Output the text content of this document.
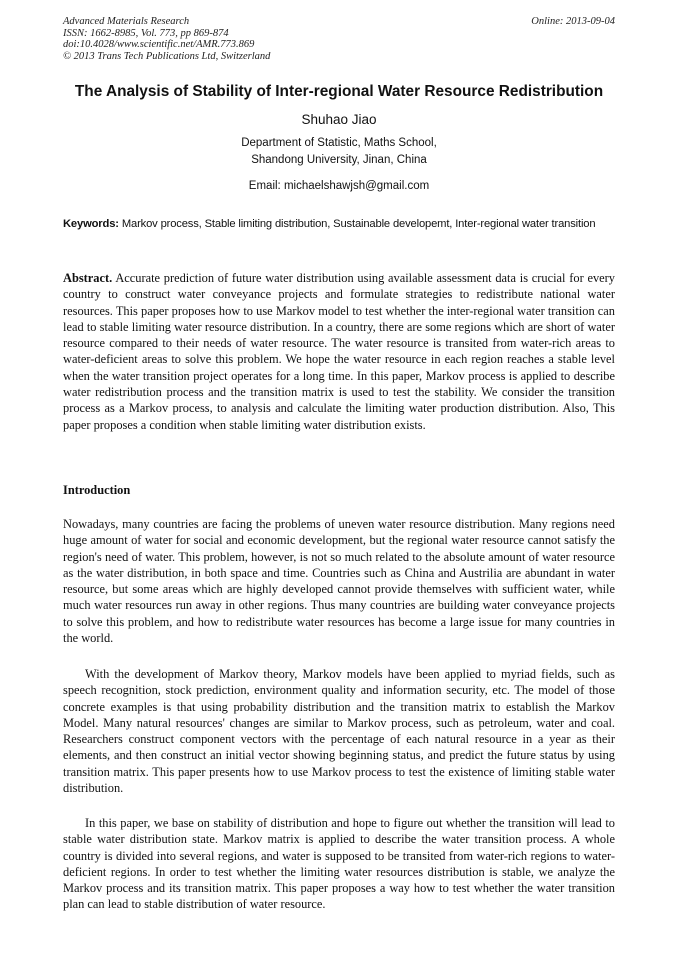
Advanced Materials Research
ISSN: 1662-8985, Vol. 773, pp 869-874
doi:10.4028/www.scientific.net/AMR.773.869
© 2013 Trans Tech Publications Ltd, Switzerland
Online: 2013-09-04
The Analysis of Stability of Inter-regional Water Resource Redistribution
Shuhao Jiao
Department of Statistic, Maths School,
Shandong University, Jinan, China
Email: michaelshawjsh@gmail.com
Keywords: Markov process, Stable limiting distribution, Sustainable developemt, Inter-regional water transition

Abstract. Accurate prediction of future water distribution using available assessment data is crucial for every country to construct water conveyance projects and formulate strategies to redistribute national water resources. This paper proposes how to use Markov model to test whether the inter-regional water transition can lead to stable limiting water resource distribution. In a country, there are some regions which are short of water resource compared to their needs of water resource. The water resource is transited from water-rich areas to water-deficient areas to solve this problem. We hope the water resource in each region reaches a stable level when the water transition project operates for a long time. In this paper, Markov process is applied to describe water redistribution process and the transition matrix is used to test the stability. We consider the transition process as a Markov process, to analysis and calculate the limiting water production distribution. Also, This paper proposes a condition when stable limiting water distribution exists.

Introduction

Nowadays, many countries are facing the problems of uneven water resource distribution. Many regions need huge amount of water for social and economic development, but the regional water resource cannot satisfy the region's need of water. This problem, however, is not so much related to the absolute amount of water resource as the water distribution, in both space and time. Countries such as China and Austrilia are abundant in water resource, but some areas which are highly developed cannot provide themselves with sufficient water, while much water resources run away in other regions. Thus many countries are building water conveyance projects to solve this problem, and how to redistribute water resources has become a large issue for many countries in the world.

With the development of Markov theory, Markov models have been applied to myriad fields, such as speech recognition, stock prediction, environment quality and information security, etc. The model of those concrete examples is that using probability distribution and the transition matrix to establish the Markov Model. Many natural resources' changes are similar to Markov process, such as petroleum, water and coal. Researchers construct component vectors with the percentage of each natural resource in a year as their elements, and then construct an initial vector showing beginning status, and predict the future status by using transition matrix. This paper presents how to use Markov process to test the existence of limiting stable water distribution.

In this paper, we base on stability of distribution and hope to figure out whether the transition will lead to stable water distribution state. Markov matrix is applied to describe the water transition process. A whole country is divided into several regions, and water is supposed to be transited from water-rich regions to water-deficient regions. In order to test whether the limiting water resources distribution is stable, we analyze the Markov process and its transition matrix. This paper proposes a way how to test whether the water transition plan can lead to stable distribution of water resource.
